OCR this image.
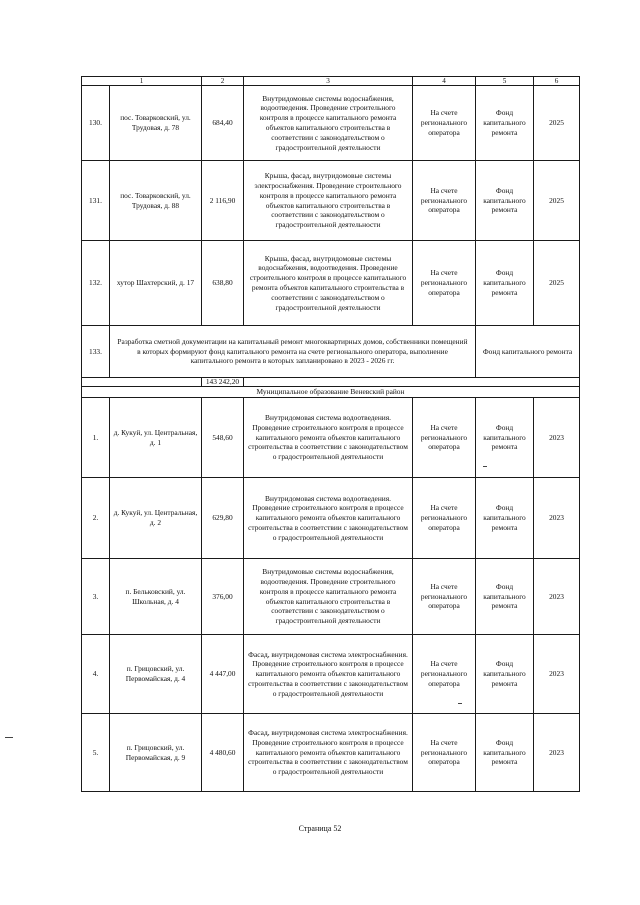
1		2	3	4	5	6
130.	пос. Товарковский, ул. Трудовая, д. 78	684,40	Внутридомовые системы водоснабжения, водоотведения. Проведение строительного контроля в процессе капитального ремонта объектов капитального строительства в соответствии с законодательством о градостроительной деятельности	На счете регионального оператора	Фонд капитального ремонта	2025
131.	пос. Товарковский, ул. Трудовая, д. 88	2 116,90	Крыша, фасад, внутридомовые системы электроснабжения. Проведение строительного контроля в процессе капитального ремонта объектов капитального строительства в соответствии с законодательством о градостроительной деятельности	На счете регионального оператора	Фонд капитального ремонта	2025
132.	хутор Шахтерский, д. 17	638,80	Крыша, фасад, внутридомовые системы водоснабжения, водоотведения. Проведение строительного контроля в процессе капитального ремонта объектов капитального строительства в соответствии с законодательством о градостроительной деятельности	На счете регионального оператора	Фонд капитального ремонта	2025
133.	Разработка сметной документации на капитальный ремонт многоквартирных домов, собственники помещений в которых формируют фонд капитального ремонта на счете регионального оператора, выполнение капитального ремонта в которых запланировано в 2023 - 2026 гг.				Фонд капитального ремонта	
		143 242,20				
Муниципальное образование Веневский район						
1.	д. Кукуй, ул. Центральная, д. 1	548,60	Внутридомовая система водоотведения. Проведение строительного контроля в процессе капитального ремонта объектов капитального строительства в соответствии с законодательством о градостроительной деятельности	На счете регионального оператора	Фонд капитального ремонта	2023
2.	д. Кукуй, ул. Центральная, д. 2	629,80	Внутридомовая система водоотведения. Проведение строительного контроля в процессе капитального ремонта объектов капитального строительства в соответствии с законодательством о градостроительной деятельности	На счете регионального оператора	Фонд капитального ремонта	2023
3.	п. Бельковский, ул. Школьная, д. 4	376,00	Внутридомовые системы водоснабжения, водоотведения. Проведение строительного контроля в процессе капитального ремонта объектов капитального строительства в соответствии с законодательством о градостроительной деятельности	На счете регионального оператора	Фонд капитального ремонта	2023
4.	п. Грицовский, ул. Первомайская, д. 4	4 447,00	Фасад, внутридомовая система электроснабжения. Проведение строительного контроля в процессе капитального ремонта объектов капитального строительства в соответствии с законодательством о градостроительной деятельности	На счете регионального оператора	Фонд капитального ремонта	2023
5.	п. Грицовский, ул. Первомайская, д. 9	4 480,60	Фасад, внутридомовая система электроснабжения. Проведение строительного контроля в процессе капитального ремонта объектов капитального строительства в соответствии с законодательством о градостроительной деятельности	На счете регионального оператора	Фонд капитального ремонта	2023
Страница 52
